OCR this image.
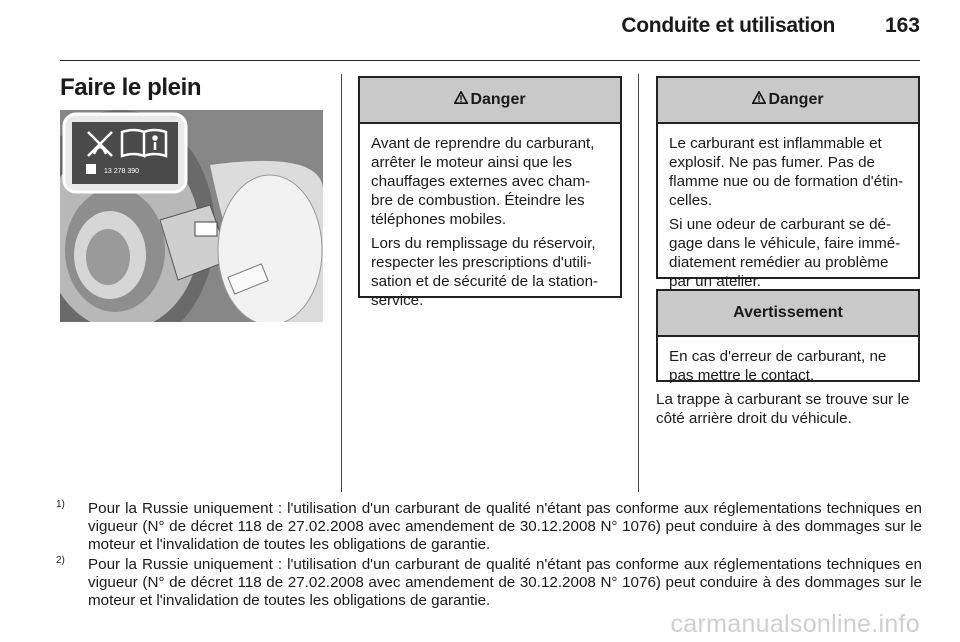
Conduite et utilisation 163
Faire le plein
13 278 390
Danger

Avant de reprendre du carburant, arrêter le moteur ainsi que les chauffages externes avec cham-bre de combustion. Éteindre les téléphones mobiles.

Lors du remplissage du réservoir, respecter les prescriptions d'utili-sation et de sécurité de la station-service.

Danger

Le carburant est inflammable et explosif. Ne pas fumer. Pas de flamme nue ou de formation d'étin-celles.

Si une odeur de carburant se dé-gage dans le véhicule, faire immé-diatement remédier au problème par un atelier.

Avertissement

En cas d'erreur de carburant, ne pas mettre le contact.

La trappe à carburant se trouve sur le côté arrière droit du véhicule.
1) Pour la Russie uniquement : l'utilisation d'un carburant de qualité n'étant pas conforme aux réglementations techniques en vigueur (N° de décret 118 de 27.02.2008 avec amendement de 30.12.2008 N° 1076) peut conduire à des dommages sur le moteur et l'invalidation de toutes les obligations de garantie.
2) Pour la Russie uniquement : l'utilisation d'un carburant de qualité n'étant pas conforme aux réglementations techniques en vigueur (N° de décret 118 de 27.02.2008 avec amendement de 30.12.2008 N° 1076) peut conduire à des dommages sur le moteur et l'invalidation de toutes les obligations de garantie.
carmanualsonline.info
